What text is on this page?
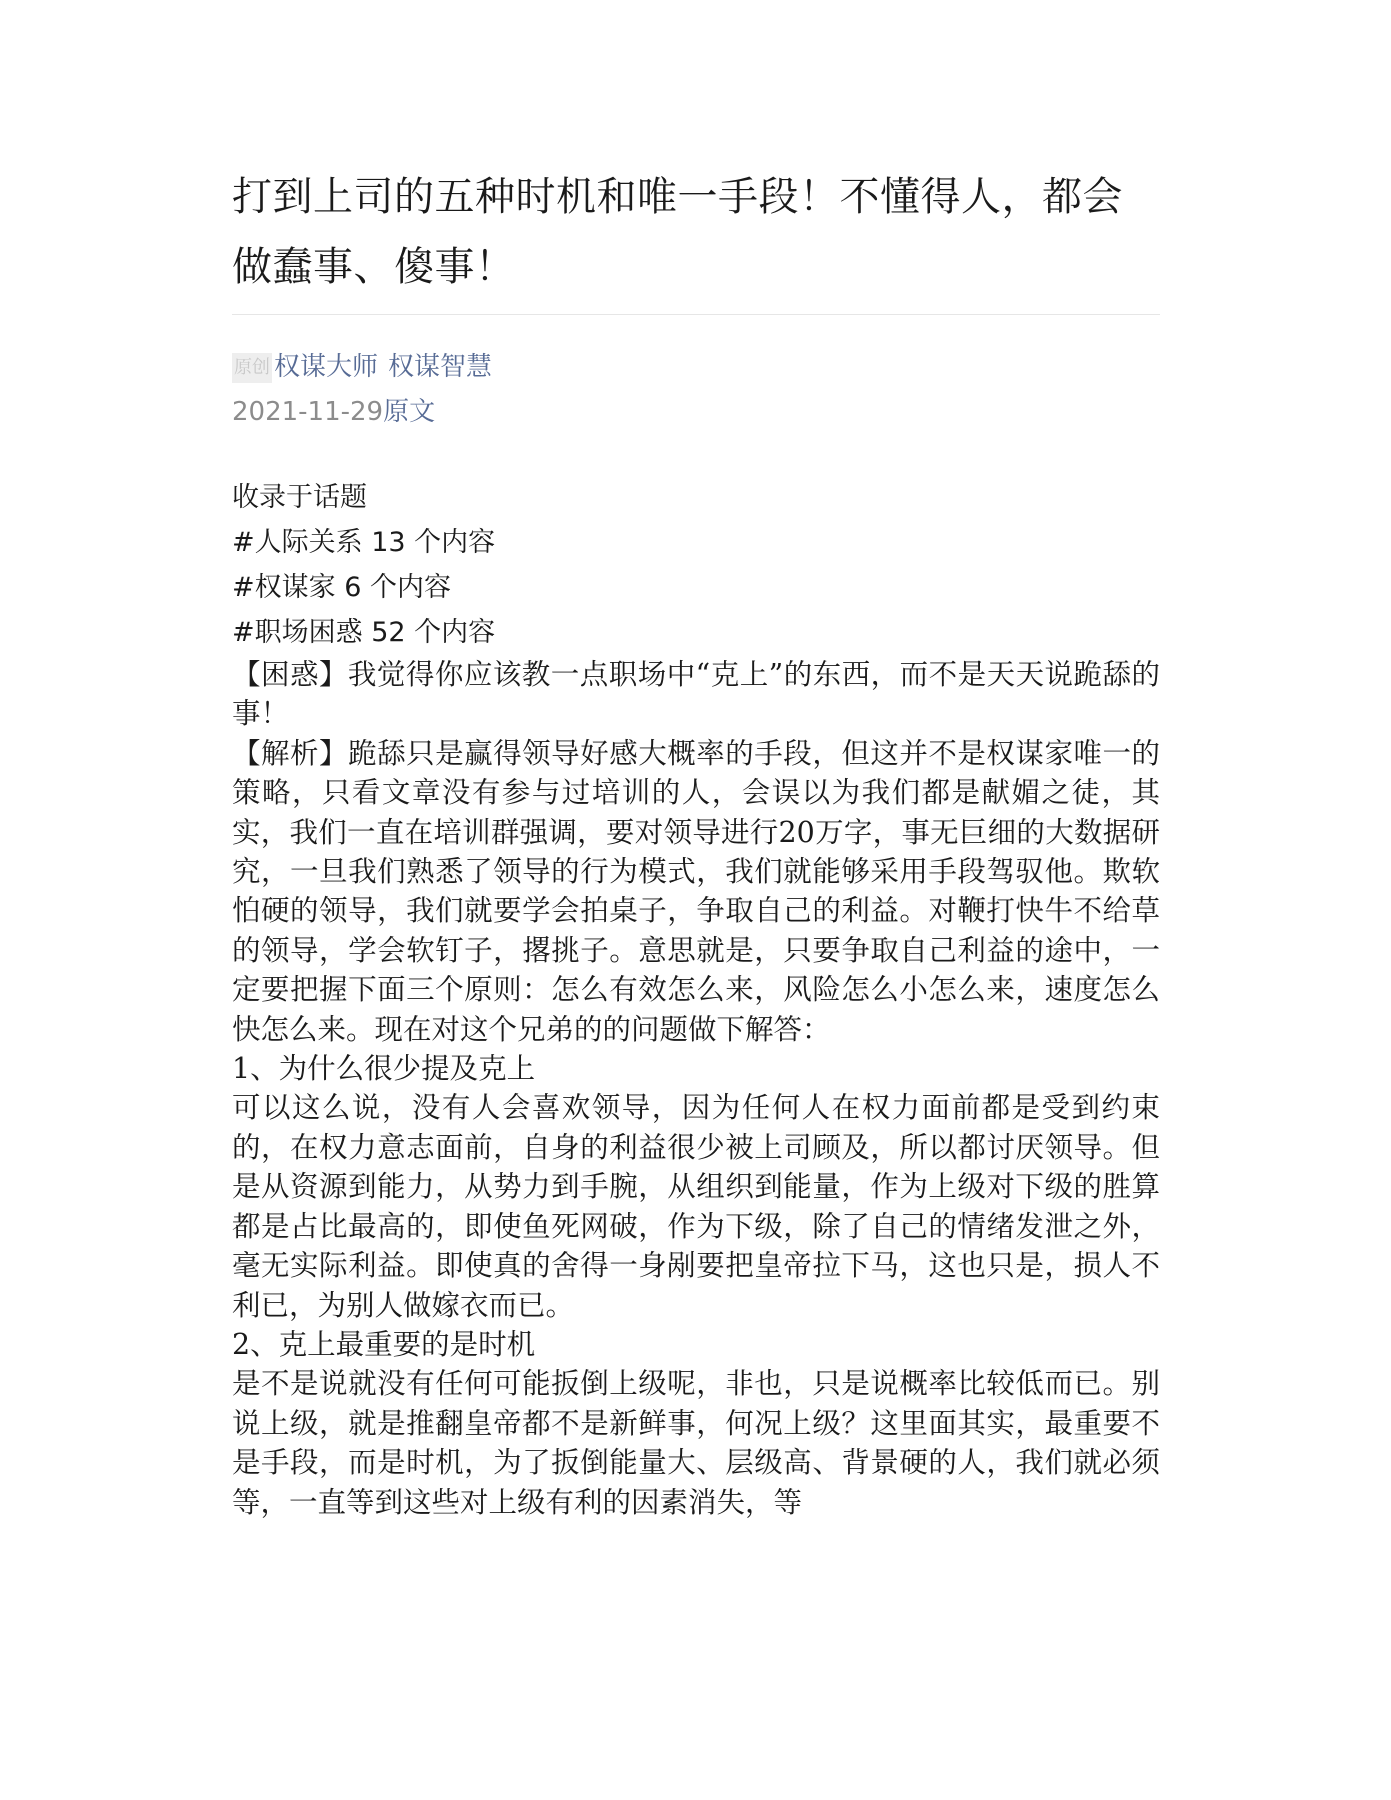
打到上司的五种时机和唯一手段！不懂得人，都会做蠢事、傻事！
原创 权谋大师 权谋智慧
2021-11-29 原文
收录于话题
#人际关系 13 个内容
#权谋家 6 个内容
#职场困惑 52 个内容

【困惑】我觉得你应该教一点职场中“克上”的东西，而不是天天说跪舔的事！

【解析】跪舔只是赢得领导好感大概率的手段，但这并不是权谋家唯一的策略，只看文章没有参与过培训的人，会误以为我们都是献媚之徒，其实，我们一直在培训群强调，要对领导进行20万字，事无巨细的大数据研究，一旦我们熟悉了领导的行为模式，我们就能够采用手段驾驭他。欺软怕硬的领导，我们就要学会拍桌子，争取自己的利益。对鞭打快牛不给草的领导，学会软钉子，撂挑子。意思就是，只要争取自己利益的途中，一定要把握下面三个原则：怎么有效怎么来，风险怎么小怎么来，速度怎么快怎么来。现在对这个兄弟的的问题做下解答：

1、为什么很少提及克上

可以这么说，没有人会喜欢领导，因为任何人在权力面前都是受到约束的，在权力意志面前，自身的利益很少被上司顾及，所以都讨厌领导。但是从资源到能力，从势力到手腕，从组织到能量，作为上级对下级的胜算都是占比最高的，即使鱼死网破，作为下级，除了自己的情绪发泄之外，毫无实际利益。即使真的舍得一身剐要把皇帝拉下马，这也只是，损人不利已，为别人做嫁衣而已。

2、克上最重要的是时机

是不是说就没有任何可能扳倒上级呢，非也，只是说概率比较低而已。别说上级，就是推翻皇帝都不是新鲜事，何况上级？这里面其实，最重要不是手段，而是时机，为了扳倒能量大、层级高、背景硬的人，我们就必须等，一直等到这些对上级有利的因素消失，等
